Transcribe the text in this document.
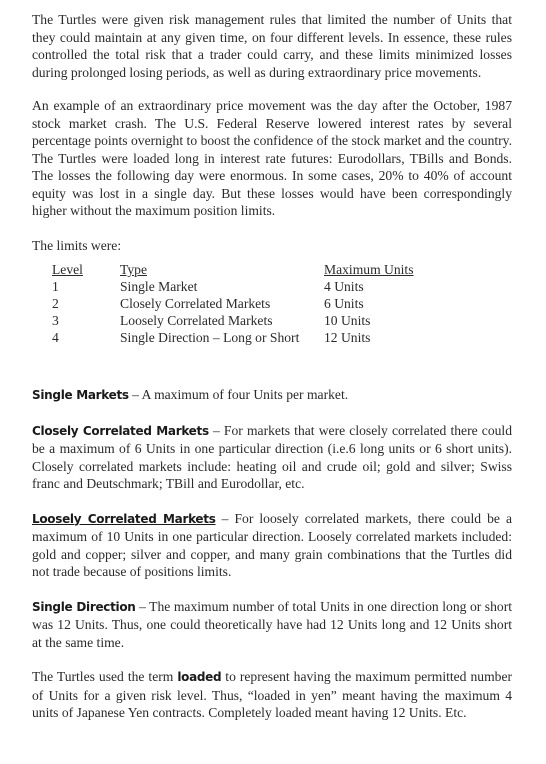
The Turtles were given risk management rules that limited the number of Units that they could maintain at any given time, on four different levels. In essence, these rules controlled the total risk that a trader could carry, and these limits minimized losses during prolonged losing periods, as well as during extraordinary price movements.

An example of an extraordinary price movement was the day after the October, 1987 stock market crash. The U.S. Federal Reserve lowered interest rates by several percentage points overnight to boost the confidence of the stock market and the country. The Turtles were loaded long in interest rate futures: Eurodollars, TBills and Bonds. The losses the following day were enormous. In some cases, 20% to 40% of account equity was lost in a single day. But these losses would have been correspondingly higher without the maximum position limits.

The limits were:

Level	Type	Maximum Units
1	Single Market	4 Units
2	Closely Correlated Markets	6 Units
3	Loosely Correlated Markets	10 Units
4	Single Direction – Long or Short	12 Units

Single Markets – A maximum of four Units per market.

Closely Correlated Markets – For markets that were closely correlated there could be a maximum of 6 Units in one particular direction (i.e.6 long units or 6 short units). Closely correlated markets include: heating oil and crude oil; gold and silver; Swiss franc and Deutschmark; TBill and Eurodollar, etc.

Loosely Correlated Markets – For loosely correlated markets, there could be a maximum of 10 Units in one particular direction. Loosely correlated markets included: gold and copper; silver and copper, and many grain combinations that the Turtles did not trade because of positions limits.

Single Direction – The maximum number of total Units in one direction long or short was 12 Units. Thus, one could theoretically have had 12 Units long and 12 Units short at the same time.

The Turtles used the term loaded to represent having the maximum permitted number of Units for a given risk level. Thus, “loaded in yen” meant having the maximum 4 units of Japanese Yen contracts. Completely loaded meant having 12 Units. Etc.
